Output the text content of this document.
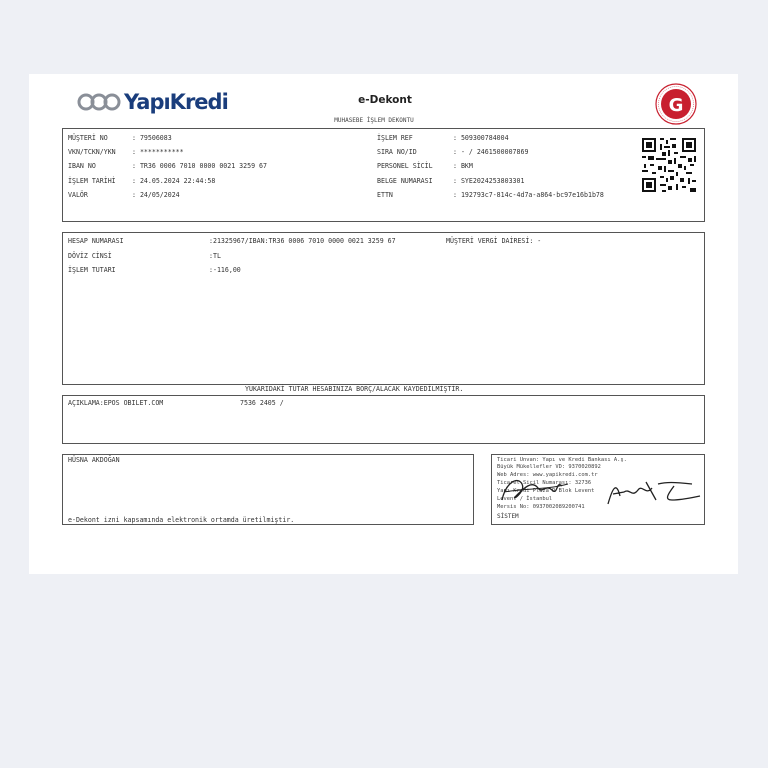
YapıKredi	e-Dekont
MUHASEBE İŞLEM DEKONTU
G
MÜŞTERİ NO	: 79506083
VKN/TCKN/YKN : ***********
IBAN NO	: TR36 0006 7010 0000 0021 3259 67
İŞLEM TARİHİ : 24.05.2024 22:44:58
VALÖR	: 24/05/2024
İŞLEM REF	: 509300784004
SIRA NO/ID	: - / 2461500007869
PERSONEL SİCİL	: BKM
BELGE NUMARASI	: SYE2024253803301
ETTN	: 192793c7-814c-4d7a-a864-bc97e16b1b78
HESAP NUMARASI	:21325967/IBAN:TR36 0006 7010 0000 0021 3259 67	MÜŞTERİ VERGİ DAİRESİ: -
DÖVİZ CİNSİ	:TL
İŞLEM TUTARI	:-116,00
YUKARIDAKİ TUTAR HESABINIZA BORÇ/ALACAK KAYDEDİLMİŞTİR.
AÇIKLAMA:EPOS OBILET.COM	7536 2405 /
HÜSNA AKDOĞAN
e-Dekont izni kapsamında elektronik ortamda üretilmiştir.
Ticari Unvan: Yapı ve Kredi Bankası A.ş.
Büyük Mükellefler VD: 9370020892
Web Adres: www.yapikredi.com.tr
Ticaret Sicil Numarası: 32736
Yapı Kredi Plaza D Blok Levent
Levent / İstanbul
Mersis No: 0937002089200741
SİSTEM
